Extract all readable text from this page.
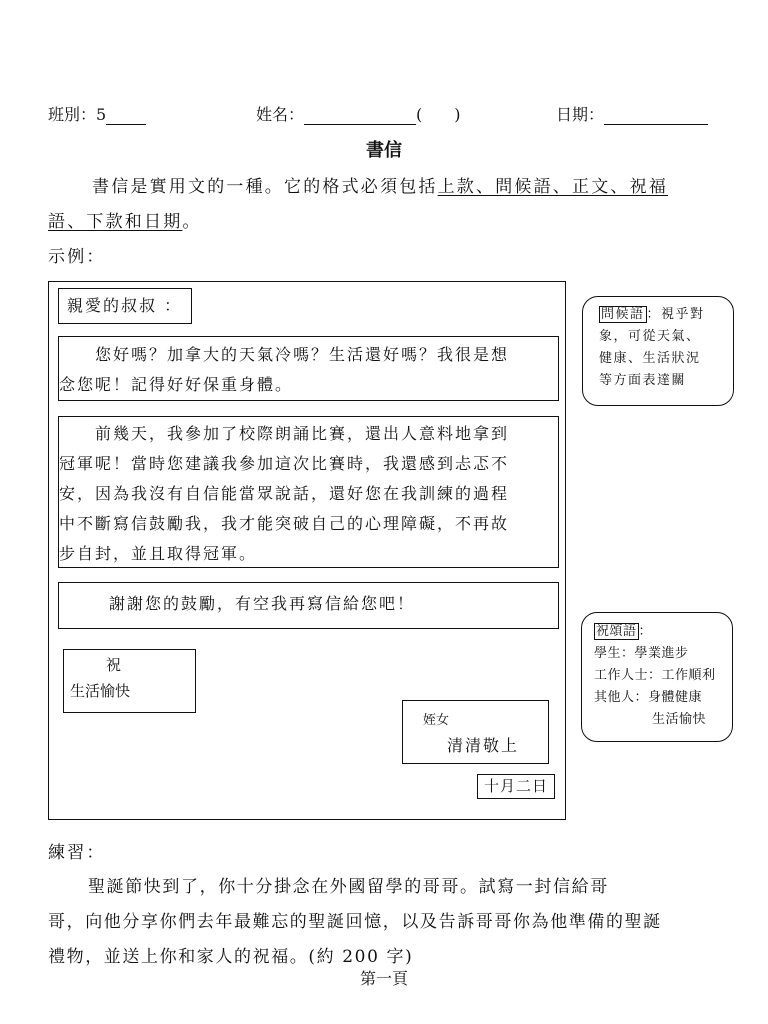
班別：5	姓名：	(　　)	日期：
書信
書信是實用文的一種。它的格式必須包括上款、問候語、正文、祝福
語、下款和日期。
示例：
親愛的叔叔 ：
　　您好嗎？加拿大的天氣冷嗎？生活還好嗎？我很是想
念您呢！記得好好保重身體。
　　前幾天，我參加了校際朗誦比賽，還出人意料地拿到
冠軍呢！當時您建議我參加這次比賽時，我還感到忐忑不
安，因為我沒有自信能當眾說話，還好您在我訓練的過程
中不斷寫信鼓勵我，我才能突破自己的心理障礙，不再故
步自封，並且取得冠軍。
謝謝您的鼓勵，有空我再寫信給您吧！
祝
生活愉快
姪女
清清敬上
十月二日
問候語 ：視乎對
象，可從天氣、
健康、生活狀況
等方面表達關
祝頌語 ：
學生：學業進步
工作人士：工作順利
其他人：身體健康
生活愉快
練習：
聖誕節快到了，你十分掛念在外國留學的哥哥。試寫一封信給哥
哥，向他分享你們去年最難忘的聖誕回憶，以及告訴哥哥你為他準備的聖誕
禮物，並送上你和家人的祝福。(約 200 字)
第一頁
